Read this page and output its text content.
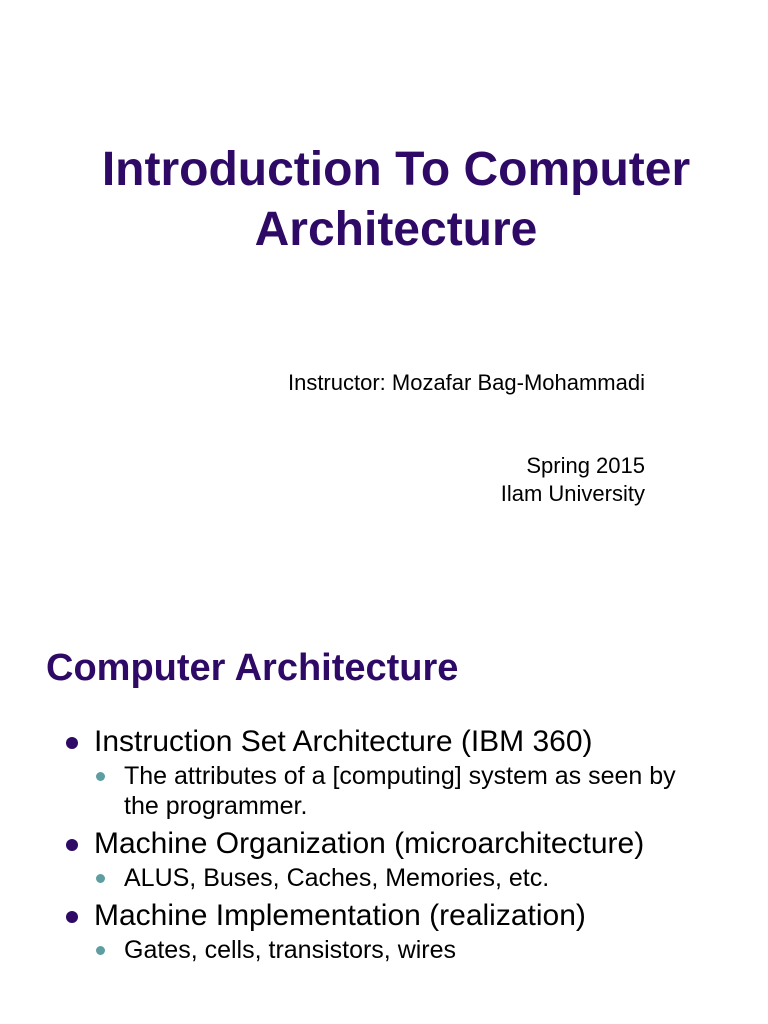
Introduction To Computer Architecture

Instructor: Mozafar Bag-Mohammadi

Spring 2015

Ilam University

Computer Architecture
Instruction Set Architecture (IBM 360)
The attributes of a [computing] system as seen by the programmer.
Machine Organization (microarchitecture)
ALUS, Buses, Caches, Memories, etc.
Machine Implementation (realization)
Gates, cells, transistors, wires
